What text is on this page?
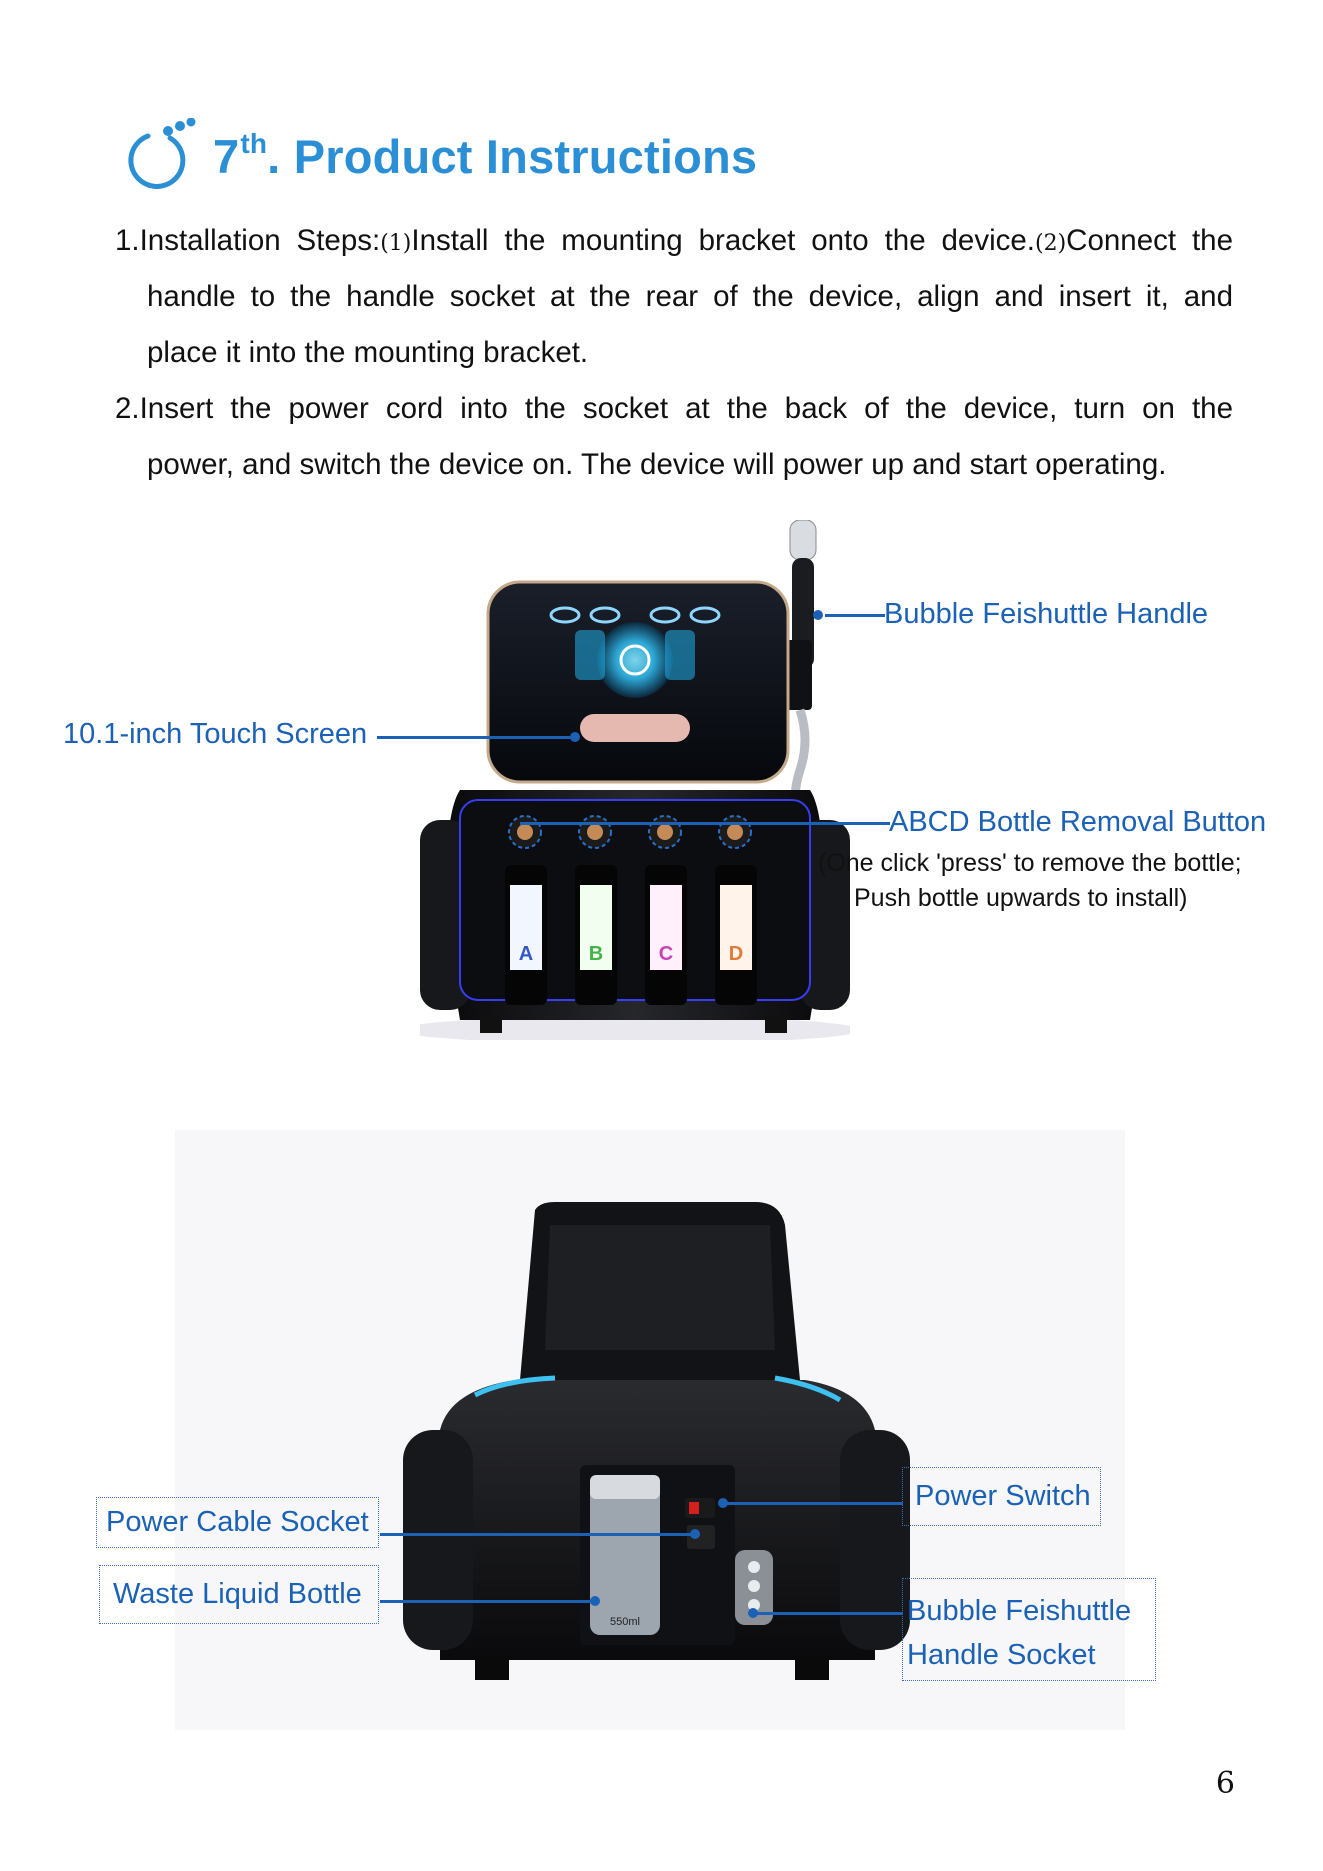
7th. Product Instructions
1.Installation Steps:(1)Install the mounting bracket onto the device.(2)Connect the
handle to the handle socket at the rear of the device, align and insert it, and
place it into the mounting bracket.
2.Insert the power cord into the socket at the back of the device, turn on the
power, and switch the device on. The device will power up and start operating.
A	B	C	D
Bubble Feishuttle Handle
10.1-inch Touch Screen
ABCD Bottle Removal Button
(One click 'press' to remove the bottle;
Push bottle upwards to install)
550ml
Power Cable Socket
Waste Liquid Bottle
Power Switch
Bubble Feishuttle
Handle Socket
6
